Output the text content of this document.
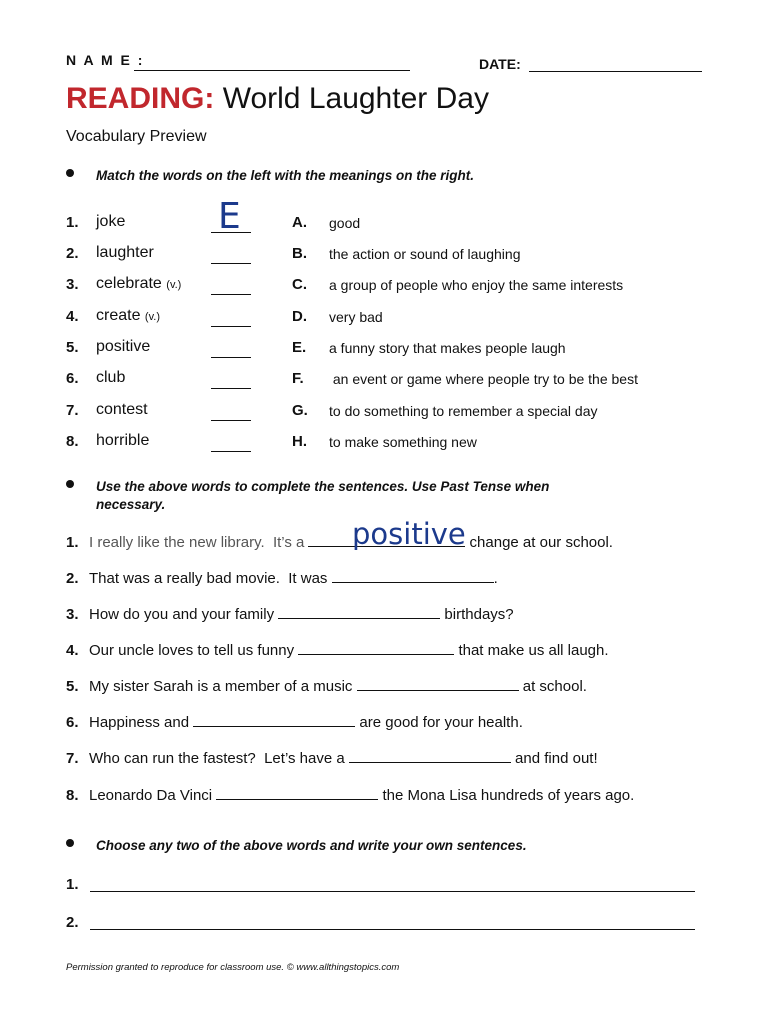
N A M E :	DATE:
READING: World Laughter Day
Vocabulary Preview
Match the words on the left with the meanings on the right.
1. joke	A. good
2. laughter	B. the action or sound of laughing
3. celebrate (v.)	C. a group of people who enjoy the same interests
4. create (v.)	D. very bad
5. positive	E. a funny story that makes people laugh
6. club	F. an event or game where people try to be the best
7. contest	G. to do something to remember a special day
8. horrible	H. to make something new
E
Use the above words to complete the sentences. Use Past Tense when
necessary.
1. I really like the new library.  It’s a	change at our school.
2. That was a really bad movie.  It was	.
3. How do you and your family	birthdays?
4. Our uncle loves to tell us funny	that make us all laugh.
5. My sister Sarah is a member of a music	at school.
6. Happiness and	are good for your health.
7. Who can run the fastest?  Let’s have a	and find out!
8. Leonardo Da Vinci	the Mona Lisa hundreds of years ago.
positive
Choose any two of the above words and write your own sentences.
1.
2.
Permission granted to reproduce for classroom use. © www.allthingstopics.com
